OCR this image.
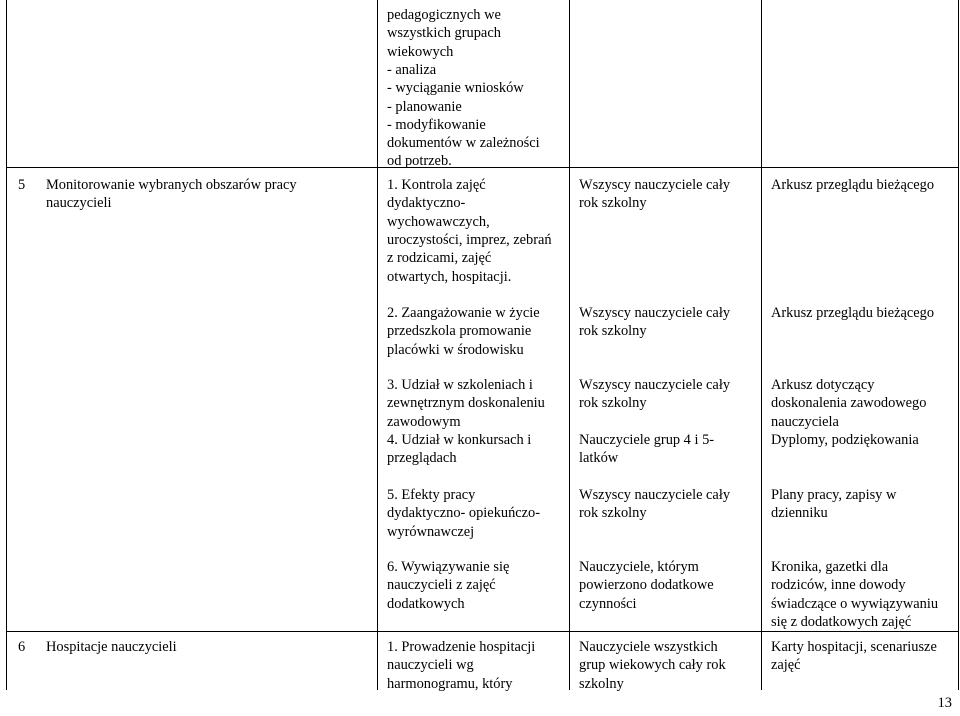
pedagogicznych we
wszystkich grupach
wiekowych
- analiza
- wyciąganie wniosków
- planowanie
- modyfikowanie
dokumentów w zależności
od potrzeb.
5 Monitorowanie wybranych obszarów pracy
nauczycieli
1. Kontrola zajęć
dydaktyczno-
wychowawczych,
uroczystości, imprez, zebrań
z rodzicami, zajęć
otwartych, hospitacji.
Wszyscy nauczyciele cały
rok szkolny
Arkusz przeglądu bieżącego
2. Zaangażowanie w życie
przedszkola promowanie
placówki w środowisku
Wszyscy nauczyciele cały
rok szkolny
Arkusz przeglądu bieżącego
3. Udział w szkoleniach i
zewnętrznym doskonaleniu
zawodowym
4. Udział w konkursach i
przeglądach
Wszyscy nauczyciele cały
rok szkolny
Nauczyciele grup 4 i 5-
latków
Arkusz dotyczący
doskonalenia zawodowego
nauczyciela
Dyplomy, podziękowania
5. Efekty pracy
dydaktyczno- opiekuńczo-
wyrównawczej
Wszyscy nauczyciele cały
rok szkolny
Plany pracy, zapisy w
dzienniku
6. Wywiązywanie się
nauczycieli z zajęć
dodatkowych
Nauczyciele, którym
powierzono dodatkowe
czynności
Kronika, gazetki dla
rodziców, inne dowody
świadczące o wywiązywaniu
się z dodatkowych zajęć
6 Hospitacje nauczycieli	1. Prowadzenie hospitacji
nauczycieli wg
harmonogramu, który
Nauczyciele wszystkich
grup wiekowych cały rok
szkolny
Karty hospitacji, scenariusze
zajęć
13
